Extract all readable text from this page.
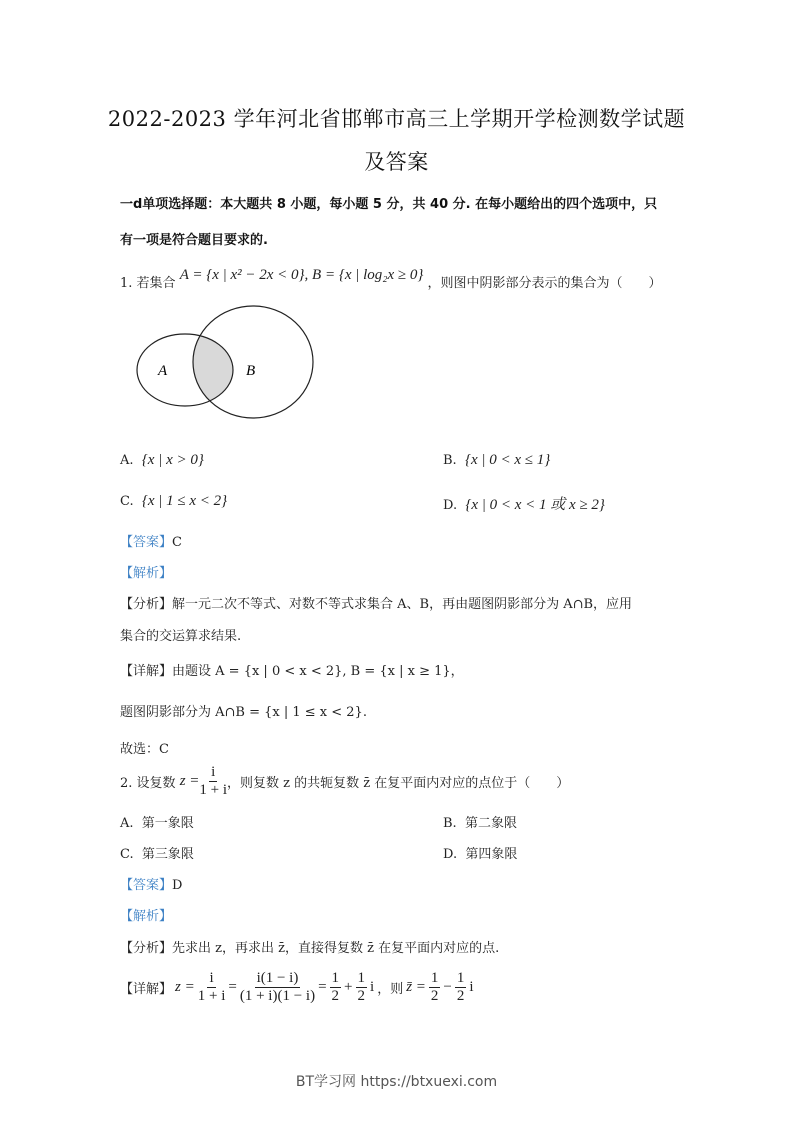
2022-2023 学年河北省邯郸市高三上学期开学检测数学试题
及答案
一d单项选择题：本大题共 8 小题，每小题 5 分，共 40 分. 在每小题给出的四个选项中，只
有一项是符合题目要求的.
1. 若集合 A = {x | x² − 2x < 0}, B = {x | log₂x ≥ 0} ，则图中阴影部分表示的集合为（　　）
A	B
A. {x | x > 0}	B. {x | 0 < x ≤ 1}
C. {x | 1 ≤ x < 2}	D. {x | 0 < x < 1 或 x ≥ 2}
【答案】C
【解析】
【分析】解一元二次不等式、对数不等式求集合 A、B，再由题图阴影部分为 A∩B，应用
集合的交运算求结果.
【详解】由题设 A = {x | 0 < x < 2}, B = {x | x ≥ 1}，
题图阴影部分为 A∩B = {x | 1 ≤ x < 2}.
故选：C
2. 设复数
$z = \frac{i}{1 + i}$ ，则复数 z 的共轭复数 z̄ 在复平面内对应的点位于（　　）
A. 第一象限	B. 第二象限
C. 第三象限	D. 第四象限
【答案】D
【解析】
【分析】先求出 z，再求出 z̄，直接得复数 z̄ 在复平面内对应的点.
【详解】 $z = \frac{i}{1 + i} = \frac{i(1 - i)}{(1 + i)(1 - i)} = \frac{1}{2} + \frac{1}{2}$ i ，则 z̄ = $\frac{1}{2} - \frac{1}{2}$ i
BT学习网 https://btxuexi.com
